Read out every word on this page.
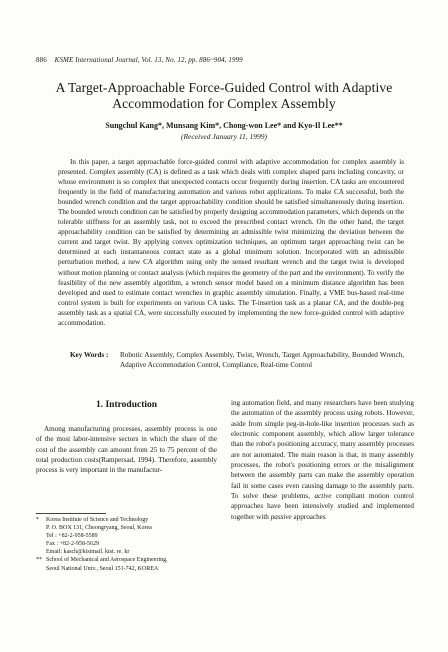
886 KSME International Journal, Vol. 13, No. 12, pp. 886~904, 1999
A Target-Approachable Force-Guided Control with Adaptive
Accommodation for Complex Assembly
Sungchul Kang*, Munsang Kim*, Chong-won Lee* and Kyo-Il Lee**
(Received January 11, 1999)

In this paper, a target approachable force-guided control with adaptive accommodation for complex assembly is presented. Complex assembly (CA) is defined as a task which deals with complex shaped parts including concavity, or whose environment is so complex that unexpected contacts occur frequently during insertion. CA tasks are encountered frequently in the field of manufacturing automation and various robot applications. To make CA successful, both the bounded wrench condition and the target approachability condition should be satisfied simultaneously during insertion. The bounded wrench condition can be satisfied by properly designing accommodation parameters, which depends on the tolerable stiffness for an assembly task, not to exceed the prescribed contact wrench. On the other hand, the target approachability condition can be satisfied by determining an admissible twist minimizing the deviation between the current and target twist. By applying convex optimization techniques, an optimum target approaching twist can be determined at each instantaneous contact state as a global minimum solution. Incorporated with an admissible perturbation method, a new CA algorithm using only the sensed resultant wrench and the target twist is developed without motion planning or contact analysis (which requires the geometry of the part and the environment). To verify the feasibility of the new assembly algorithm, a wrench sensor model based on a minimum distance algorithm has been developed and used to estimate contact wrenches in graphic assembly simulation. Finally, a VME bus-based real-time control system is built for experiments on various CA tasks. The T-insertion task as a planar CA, and the double-peg assembly task as a spatial CA, were successfully executed by implementing the new force-guided control with adaptive accommodation.

Key Words :	Robotic Assembly, Complex Assembly, Twist, Wrench, Target Approachability, Bounded Wrench, Adaptive Accommodation Control, Compliance, Real-time Control
1. Introduction
Among manufacturing processes, assembly process is one of the most labor-intensive sectors in which the share of the cost of the assembly can amount from 25 to 75 percent of the total production costs(Rampersad, 1994). Therefore, assembly process is very important in the manufactur-
ing automation field, and many researchers have been studying the automation of the assembly process using robots. However, aside from simple peg-in-hole-like insertion processes such as electronic component assembly, which allow larger tolerance than the robot's positioning accuracy, many assembly processes are not automated. The main reason is that, in many assembly processes, the robot's positioning errors or the misalignment between the assembly parts can make the assembly operation fail in some cases even causing damage to the assembly parts. To solve these problems, active compliant motion control approaches have been intensively studied and implemented together with passive approaches
* Korea Institute of Science and Technology
P. O. BOX 131, Cheongryang, Seoul, Korea
Tel : +82-2-958-5589
Fax : +82-2-958-5629
Email: kasch@kistmail. kist. re. kr
** School of Mechanical and Aerospace Engineering,
Seoul National Univ., Seoul 151-742, KOREA
